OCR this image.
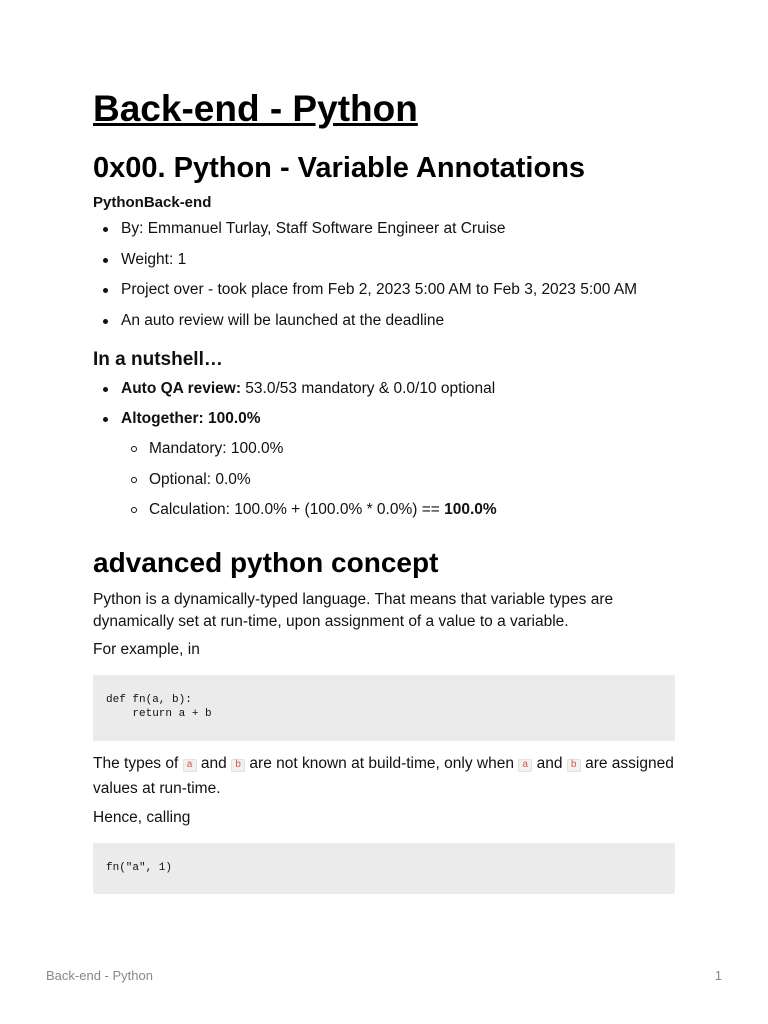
Back-end - Python
0x00. Python - Variable Annotations
PythonBack-end
By: Emmanuel Turlay, Staff Software Engineer at Cruise
Weight: 1
Project over - took place from Feb 2, 2023 5:00 AM to Feb 3, 2023 5:00 AM
An auto review will be launched at the deadline
In a nutshell…
Auto QA review: 53.0/53 mandatory & 0.0/10 optional
Altogether: 100.0%
Mandatory: 100.0%
Optional: 0.0%
Calculation: 100.0% + (100.0% * 0.0%) == 100.0%
advanced python concept

Python is a dynamically-typed language. That means that variable types are dynamically set at run-time, upon assignment of a value to a variable.

For example, in

def fn(a, b):
return a + b

The types of a and b are not known at build-time, only when a and b are assigned values at run-time.

Hence, calling

fn("a", 1)
Back-end - Python	1
